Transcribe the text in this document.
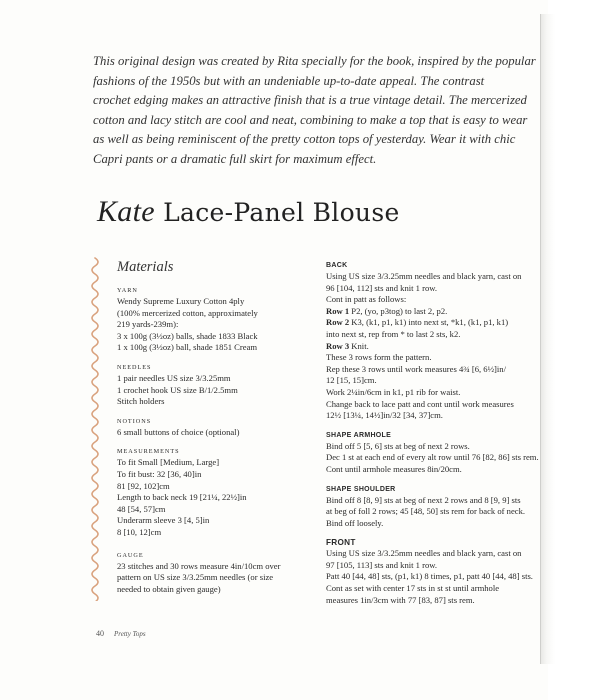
This original design was created by Rita specially for the book, inspired by the popular

fashions of the 1950s but with an undeniable up-to-date appeal. The contrast

crochet edging makes an attractive finish that is a true vintage detail. The mercerized

cotton and lacy stitch are cool and neat, combining to make a top that is easy to wear

as well as being reminiscent of the pretty cotton tops of yesterday. Wear it with chic

Capri pants or a dramatic full skirt for maximum effect.

Kate Lace-Panel Blouse
Materials
YARN
Wendy Supreme Luxury Cotton 4ply
(100% mercerized cotton, approximately
219 yards-239m):
3 x 100g (3½oz) balls, shade 1833 Black
1 x 100g (3½oz) ball, shade 1851 Cream
NEEDLES
1 pair needles US size 3/3.25mm
1 crochet hook US size B/1/2.5mm
Stitch holders
NOTIONS
6 small buttons of choice (optional)
MEASUREMENTS
To fit Small [Medium, Large]
To fit bust: 32 [36, 40]in
81 [92, 102]cm
Length to back neck 19 [21¼, 22½]in
48 [54, 57]cm
Underarm sleeve 3 [4, 5]in
8 [10, 12]cm
GAUGE
23 stitches and 30 rows measure 4in/10cm over
pattern on US size 3/3.25mm needles (or size
needed to obtain given gauge)
BACK
Using US size 3/3.25mm needles and black yarn, cast on
96 [104, 112] sts and knit 1 row.
Cont in patt as follows:
Row 1 P2, (yo, p3tog) to last 2, p2.
Row 2 K3, (k1, p1, k1) into next st, *k1, (k1, p1, k1)
into next st, rep from * to last 2 sts, k2.
Row 3 Knit.
These 3 rows form the pattern.
Rep these 3 rows until work measures 4¾ [6, 6½]in/
12 [15, 15]cm.
Work 2¼in/6cm in k1, p1 rib for waist.
Change back to lace patt and cont until work measures
12½ [13¼, 14½]in/32 [34, 37]cm.
SHAPE ARMHOLE
Bind off 5 [5, 6] sts at beg of next 2 rows.
Dec 1 st at each end of every alt row until 76 [82, 86] sts rem.
Cont until armhole measures 8in/20cm.
SHAPE SHOULDER
Bind off 8 [8, 9] sts at beg of next 2 rows and 8 [9, 9] sts
at beg of foll 2 rows; 45 [48, 50] sts rem for back of neck.
Bind off loosely.
FRONT
Using US size 3/3.25mm needles and black yarn, cast on
97 [105, 113] sts and knit 1 row.
Patt 40 [44, 48] sts, (p1, k1) 8 times, p1, patt 40 [44, 48] sts.
Cont as set with center 17 sts in st st until armhole
measures 1in/3cm with 77 [83, 87] sts rem.
40 Pretty Tops
